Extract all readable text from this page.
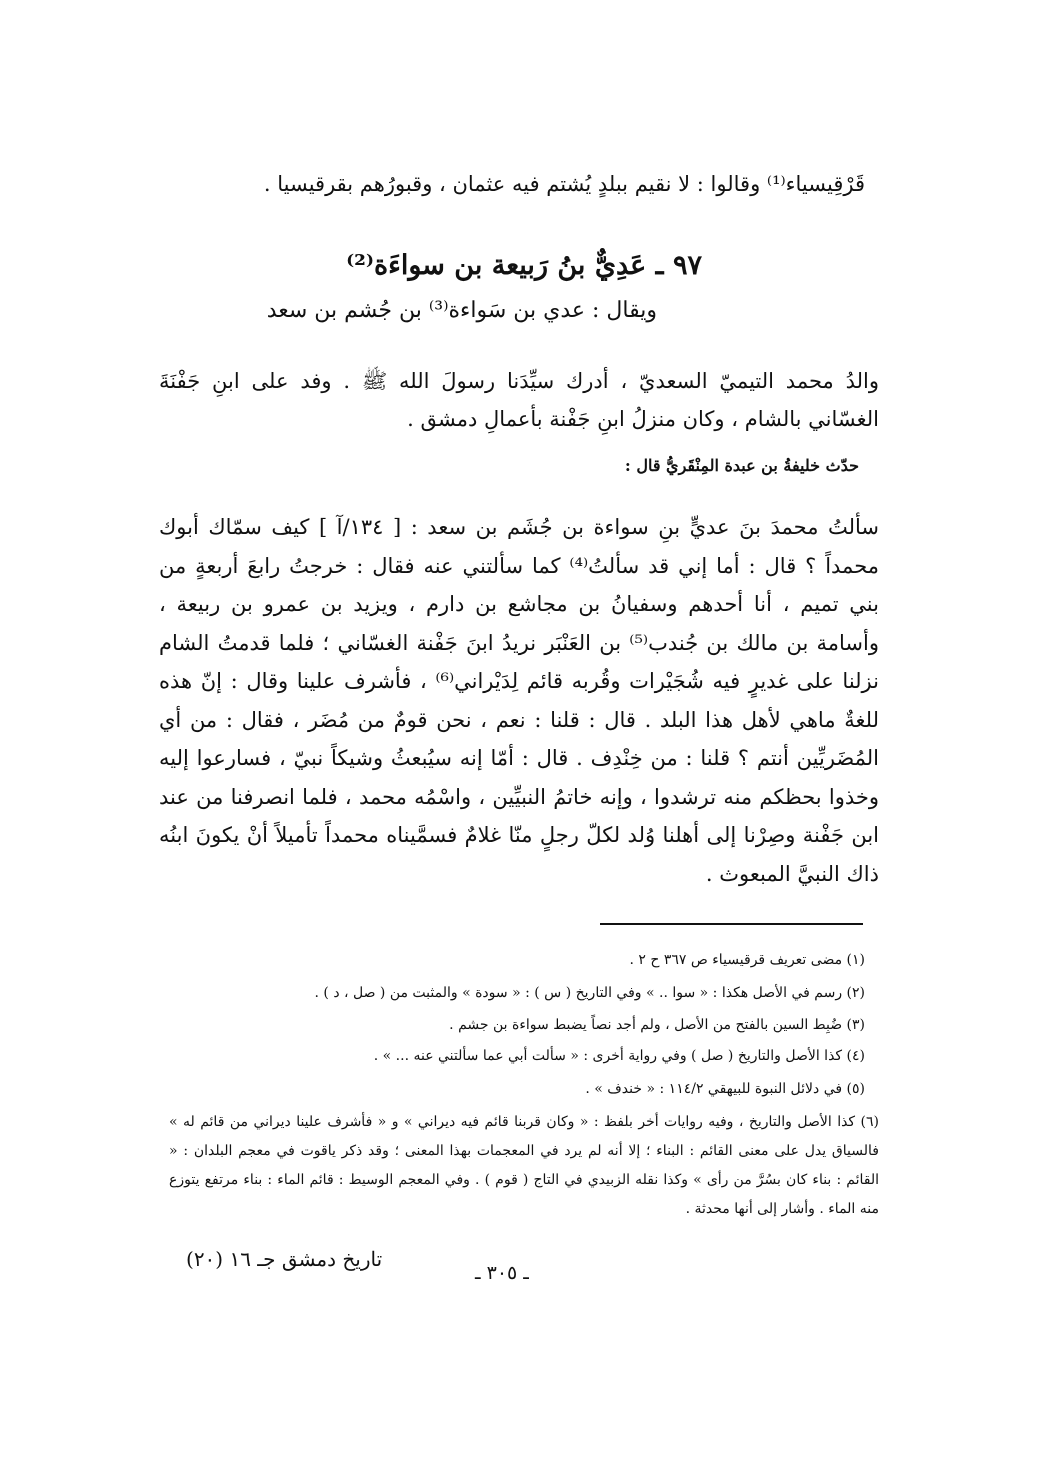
قَرْقِيسياء⁽¹⁾ وقالوا : لا نقيم ببلدٍ يُشتم فيه عثمان ، وقبورُهم بقرقيسيا .
٩٧ ـ عَدِيٌّ بنُ رَبيعة بن سواءَة⁽²⁾
ويقال : عدي بن سَواءة⁽³⁾ بن جُشم بن سعد
والدُ محمد التيميّ السعديّ ، أدرك سيِّدَنا رسولَ الله ﷺ . وفد على ابنِ جَفْنَةَ الغسّاني بالشام ، وكان منزلُ ابنِ جَفْنة بأعمالِ دمشق .
حدّث خليفةُ بن عبدة المِنْقَريُّ قال :
سألتُ محمدَ بنَ عديٍّ بنِ سواءة بن جُشَم بن سعد : [ ١٣٤/آ ] كيف سمّاك أبوك محمداً ؟ قال : أما إني قد سألتُ⁽⁴⁾ كما سألتني عنه فقال : خرجتُ رابعَ أربعةٍ من بني تميم ، أنا أحدهم وسفيانُ بن مجاشع بن دارم ، ويزيد بن عمرو بن ربيعة ، وأسامة بن مالك بن جُندب⁽⁵⁾ بن العَنْبَر نريدُ ابنَ جَفْنة الغسّاني ؛ فلما قدمتُ الشام نزلنا على غديرٍ فيه شُجَيْرات وقُربه قائم لِدَيْراني⁽⁶⁾ ، فأشرف علينا وقال : إنّ هذه للغةٌ ماهي لأهل هذا البلد . قال : قلنا : نعم ، نحن قومٌ من مُضَر ، فقال : من أي المُضَريِّين أنتم ؟ قلنا : من خِنْدِف . قال : أمّا إنه سيُبعثُ وشيكاً نبيّ ، فسارعوا إليه وخذوا بحظكم منه ترشدوا ، وإنه خاتمُ النبيِّين ، واسْمُه محمد ، فلما انصرفنا من عند ابن جَفْنة وصِرْنا إلى أهلنا وُلد لكلّ رجلٍ منّا غلامٌ فسمَّيناه محمداً تأميلاً أنْ يكونَ ابنُه ذاك النبيَّ المبعوث .
(١) مضى تعريف قرقيسياء ص ٣٦٧ ح ٢ .
(٢) رسم في الأصل هكذا : « سوا .. » وفي التاريخ ( س ) : « سودة » والمثبت من ( صل ، د ) .
(٣) ضُبِط السين بالفتح من الأصل ، ولم أجد نصاً يضبط سواءة بن جشم .
(٤) كذا الأصل والتاريخ ( صل ) وفي رواية أخرى : « سألت أبي عما سألتني عنه ... » .
(٥) في دلائل النبوة للبيهقي ١١٤/٢ : « خندف » .
(٦) كذا الأصل والتاريخ ، وفيه روايات أخر بلفظ : « وكان قربنا قائم فيه ديراني » و « فأشرف علينا ديراني من قائم له » فالسياق يدل على معنى القائم : البناء ؛ إلا أنه لم يرد في المعجمات بهذا المعنى ؛ وقد ذكر ياقوت في معجم البلدان : « القائم : بناء كان بسُرَّ من رأى » وكذا نقله الزبيدي في التاج ( قوم ) . وفي المعجم الوسيط : قائم الماء : بناء مرتفع يتوزع منه الماء . وأشار إلى أنها محدثة .
تاريخ دمشق جـ ١٦ (٢٠)
ـ ٣٠٥ ـ
